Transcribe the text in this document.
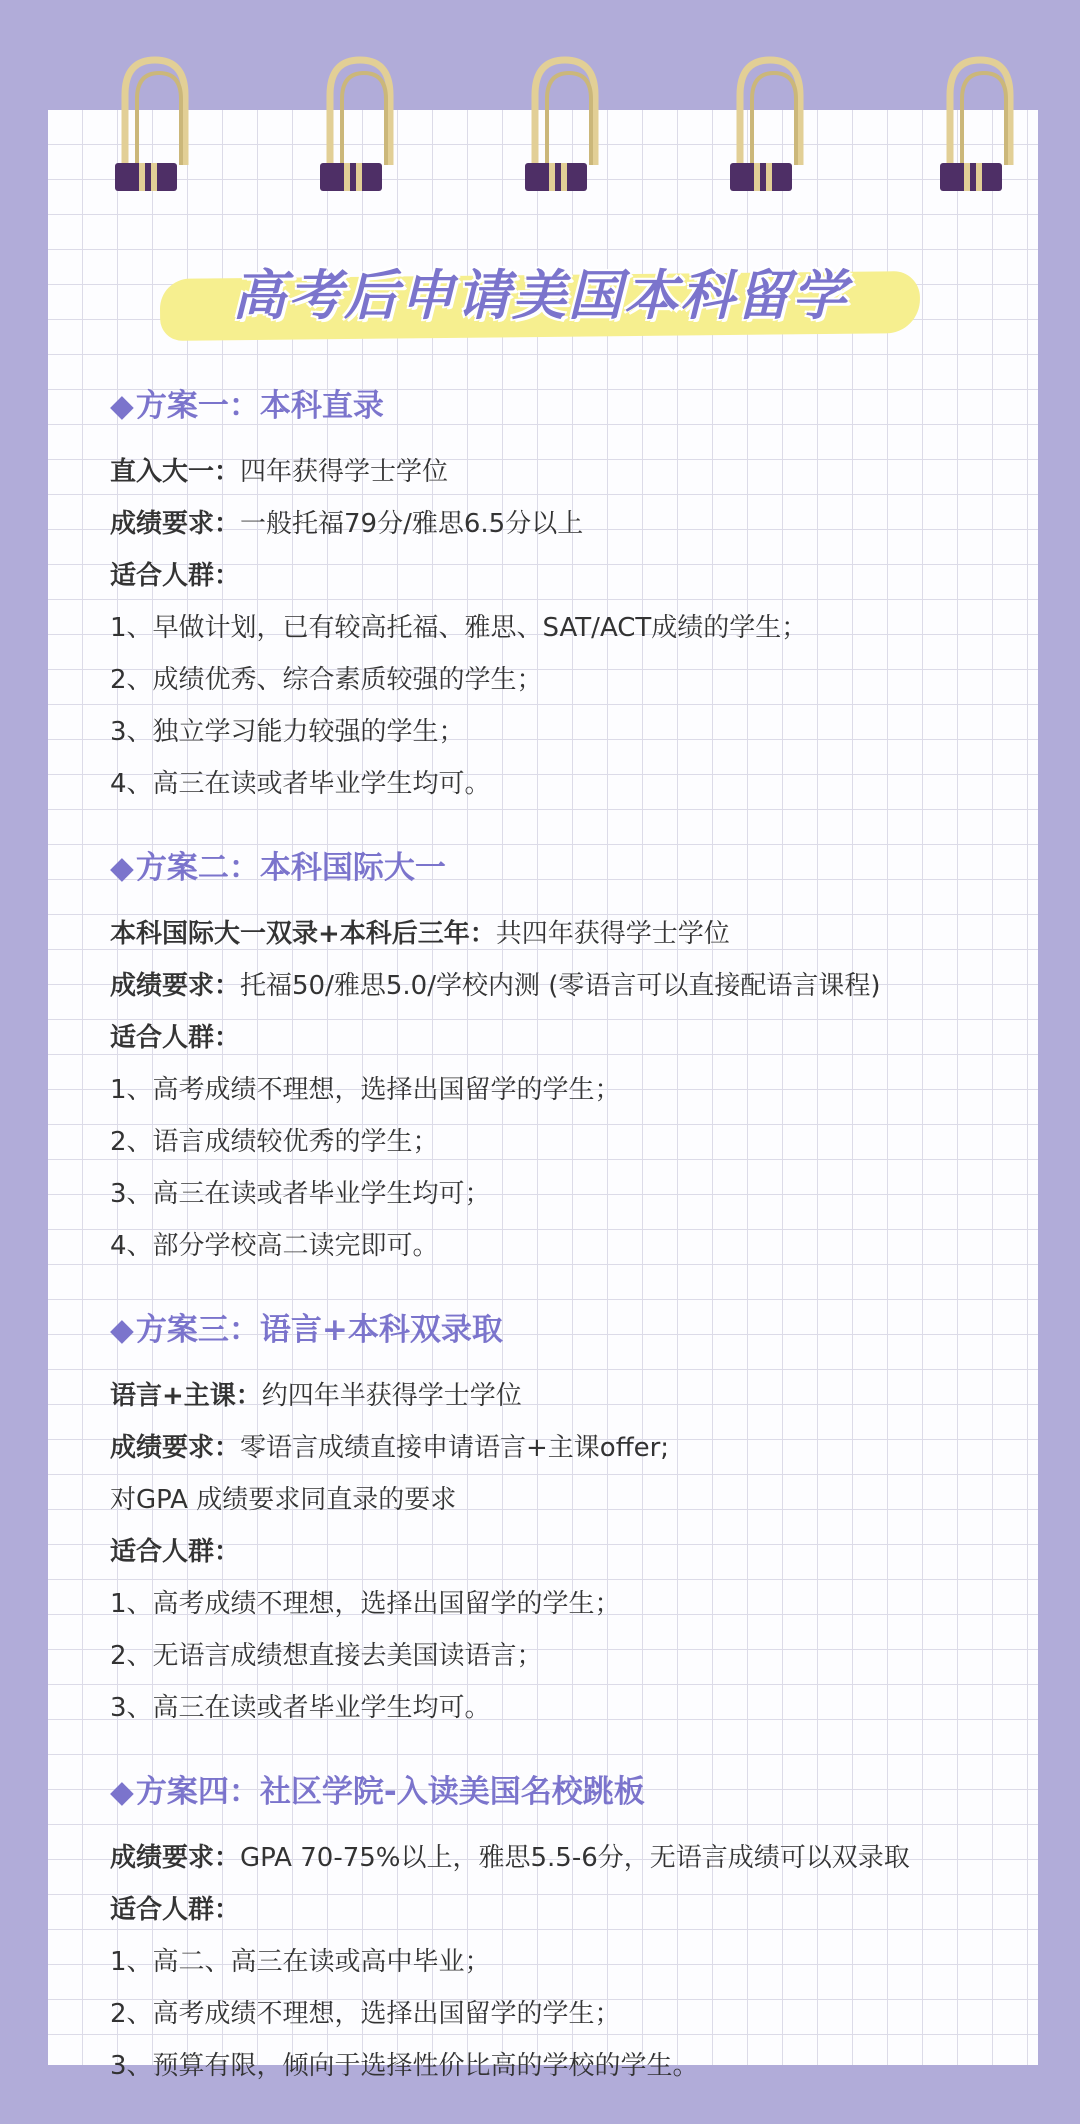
高考后申请美国本科留学
◆方案一：本科直录
直入大一：四年获得学士学位
成绩要求：一般托福79分/雅思6.5分以上
适合人群：
1、早做计划，已有较高托福、雅思、SAT/ACT成绩的学生；
2、成绩优秀、综合素质较强的学生；
3、独立学习能力较强的学生；
4、高三在读或者毕业学生均可。
◆方案二：本科国际大一
本科国际大一双录+本科后三年：共四年获得学士学位
成绩要求：托福50/雅思5.0/学校内测 (零语言可以直接配语言课程)
适合人群：
1、高考成绩不理想，选择出国留学的学生；
2、语言成绩较优秀的学生；
3、高三在读或者毕业学生均可；
4、部分学校高二读完即可。
◆方案三：语言+本科双录取
语言+主课：约四年半获得学士学位
成绩要求：零语言成绩直接申请语言+主课offer;
对GPA 成绩要求同直录的要求
适合人群：
1、高考成绩不理想，选择出国留学的学生；
2、无语言成绩想直接去美国读语言；
3、高三在读或者毕业学生均可。
◆方案四：社区学院-入读美国名校跳板
成绩要求：GPA 70-75%以上，雅思5.5-6分，无语言成绩可以双录取
适合人群：
1、高二、高三在读或高中毕业；
2、高考成绩不理想，选择出国留学的学生；
3、预算有限，倾向于选择性价比高的学校的学生。
